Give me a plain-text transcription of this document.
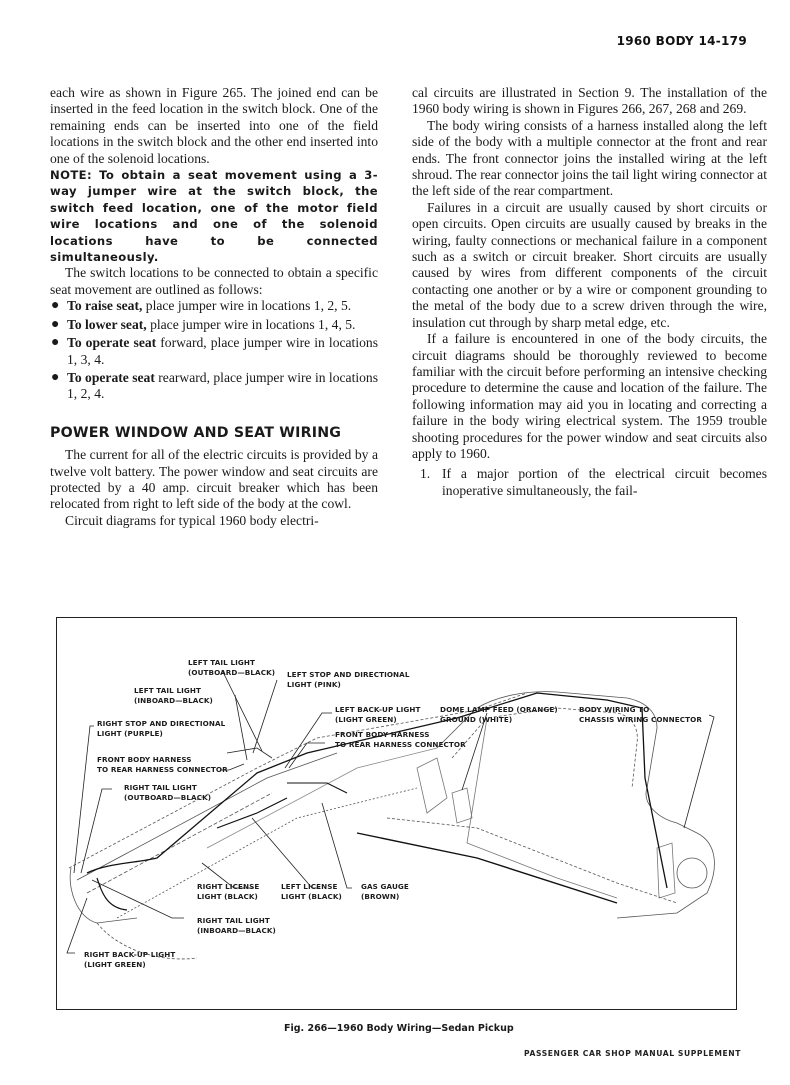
1960 BODY 14-179

each wire as shown in Figure 265. The joined end can be inserted in the feed location in the switch block. One of the remaining ends can be inserted into one of the field locations in the switch block and the other end inserted into one of the solenoid locations.

NOTE: To obtain a seat movement using a 3-way jumper wire at the switch block, the switch feed location, one of the motor field wire locations and one of the solenoid locations have to be connected simultaneously.

The switch locations to be connected to obtain a specific seat movement are outlined as follows:

● To raise seat, place jumper wire in locations 1, 2, 5.
● To lower seat, place jumper wire in locations 1, 4, 5.
● To operate seat forward, place jumper wire in locations 1, 3, 4.
● To operate seat rearward, place jumper wire in locations 1, 2, 4.
POWER WINDOW AND SEAT WIRING

The current for all of the electric circuits is provided by a twelve volt battery. The power window and seat circuits are protected by a 40 amp. circuit breaker which has been relocated from right to left side of the body at the cowl.

Circuit diagrams for typical 1960 body electri-

cal circuits are illustrated in Section 9. The installation of the 1960 body wiring is shown in Figures 266, 267, 268 and 269.

The body wiring consists of a harness installed along the left side of the body with a multiple connector at the front and rear ends. The front connector joins the installed wiring at the left shroud. The rear connector joins the tail light wiring connector at the left side of the rear compartment.

Failures in a circuit are usually caused by short circuits or open circuits. Open circuits are usually caused by breaks in the wiring, faulty connections or mechanical failure in a component such as a switch or circuit breaker. Short circuits are usually caused by wires from different components of the circuit contacting one another or by a wire or component grounding to the metal of the body due to a screw driven through the wire, insulation cut through by sharp metal edge, etc.

If a failure is encountered in one of the body circuits, the circuit diagrams should be thoroughly reviewed to become familiar with the circuit before performing an intensive checking procedure to determine the cause and location of the failure. The following information may aid you in locating and correcting a failure in the body wiring electrical system. The 1959 trouble shooting procedures for the power window and seat circuits also apply to 1960.

1. If a major portion of the electrical circuit becomes inoperative simultaneously, the fail-
LEFT TAIL LIGHT
(OUTBOARD—BLACK) LEFT STOP AND DIRECTIONAL
LIGHT (PINK)
LEFT TAIL LIGHT
(INBOARD—BLACK)
LEFT BACK-UP LIGHT
(LIGHT GREEN)
DOME LAMP FEED (ORANGE)
GROUND (WHITE)
BODY WIRING TO
CHASSIS WIRING CONNECTOR
RIGHT STOP AND DIRECTIONAL
LIGHT (PURPLE)	FRONT BODY HARNESS
TO REAR HARNESS CONNECTOR
FRONT BODY HARNESS
TO REAR HARNESS CONNECTOR
RIGHT TAIL LIGHT
(OUTBOARD—BLACK)
RIGHT LICENSE
LIGHT (BLACK)
LEFT LICENSE
LIGHT (BLACK)
GAS GAUGE
(BROWN)
RIGHT TAIL LIGHT
(INBOARD—BLACK)
RIGHT BACK-UP LIGHT
(LIGHT GREEN)
Fig. 266—1960 Body Wiring—Sedan Pickup
PASSENGER CAR SHOP MANUAL SUPPLEMENT
